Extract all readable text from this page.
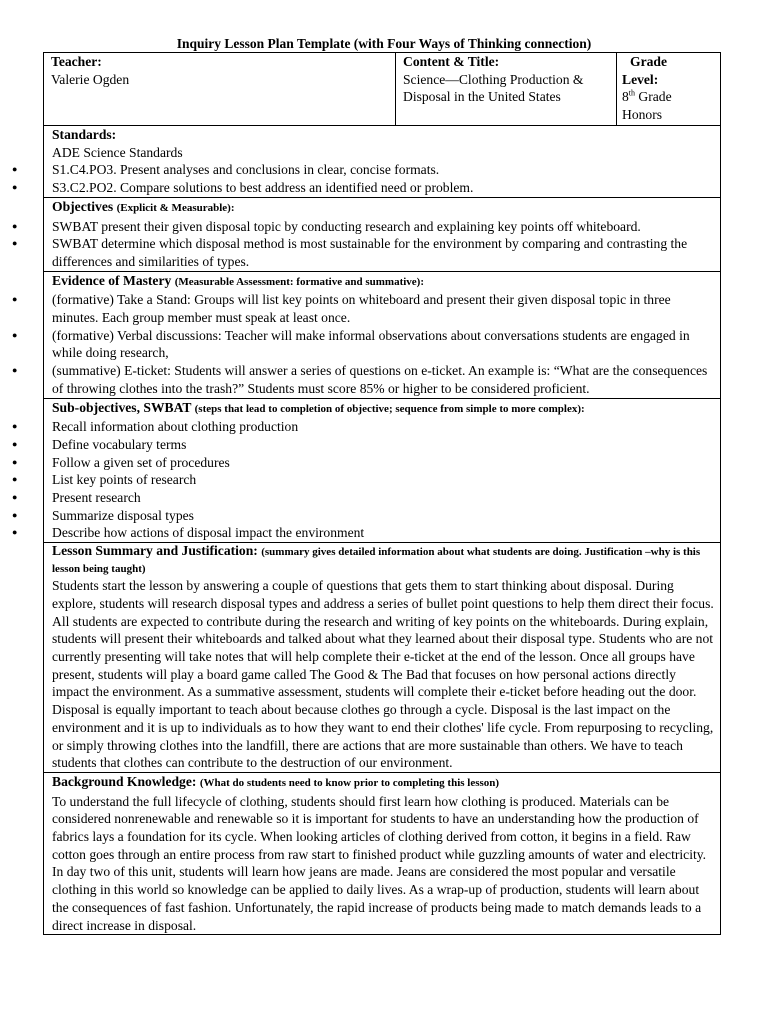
Inquiry Lesson Plan Template (with Four Ways of Thinking connection)
Teacher:
Valerie Ogden

Content & Title:
Science—Clothing Production & Disposal in the United States

Grade
Level:
8th Grade
Honors

Standards:
ADE Science Standards
● S1.C4.PO3. Present analyses and conclusions in clear, concise formats.
● S3.C2.PO2. Compare solutions to best address an identified need or problem.

Objectives (Explicit & Measurable):
● SWBAT present their given disposal topic by conducting research and explaining key points off whiteboard.
● SWBAT determine which disposal method is most sustainable for the environment by comparing and contrasting the differences and similarities of types.

Evidence of Mastery (Measurable Assessment: formative and summative):
● (formative) Take a Stand: Groups will list key points on whiteboard and present their given disposal topic in three minutes. Each group member must speak at least once.
● (formative) Verbal discussions: Teacher will make informal observations about conversations students are engaged in while doing research,
● (summative) E-ticket: Students will answer a series of questions on e-ticket. An example is: “What are the consequences of throwing clothes into the trash?” Students must score 85% or higher to be considered proficient.

Sub-objectives, SWBAT (steps that lead to completion of objective; sequence from simple to more complex):
● Recall information about clothing production
● Define vocabulary terms
● Follow a given set of procedures
● List key points of research
● Present research
● Summarize disposal types
● Describe how actions of disposal impact the environment

Lesson Summary and Justification: (summary gives detailed information about what students are doing. Justification –why is this lesson being taught)

Students start the lesson by answering a couple of questions that gets them to start thinking about disposal. During explore, students will research disposal types and address a series of bullet point questions to help them direct their focus. All students are expected to contribute during the research and writing of key points on the whiteboards. During explain, students will present their whiteboards and talked about what they learned about their disposal type. Students who are not currently presenting will take notes that will help complete their e-ticket at the end of the lesson. Once all groups have present, students will play a board game called The Good & The Bad that focuses on how personal actions directly impact the environment. As a summative assessment, students will complete their e-ticket before heading out the door. Disposal is equally important to teach about because clothes go through a cycle. Disposal is the last impact on the environment and it is up to individuals as to how they want to end their clothes' life cycle. From repurposing to recycling, or simply throwing clothes into the landfill, there are actions that are more sustainable than others. We have to teach students that clothes can contribute to the destruction of our environment.

Background Knowledge: (What do students need to know prior to completing this lesson)

To understand the full lifecycle of clothing, students should first learn how clothing is produced. Materials can be considered nonrenewable and renewable so it is important for students to have an understanding how the production of fabrics lays a foundation for its cycle. When looking articles of clothing derived from cotton, it begins in a field. Raw cotton goes through an entire process from raw start to finished product while guzzling amounts of water and electricity. In day two of this unit, students will learn how jeans are made. Jeans are considered the most popular and versatile clothing in this world so knowledge can be applied to daily lives. As a wrap-up of production, students will learn about the consequences of fast fashion. Unfortunately, the rapid increase of products being made to match demands leads to a direct increase in disposal.
